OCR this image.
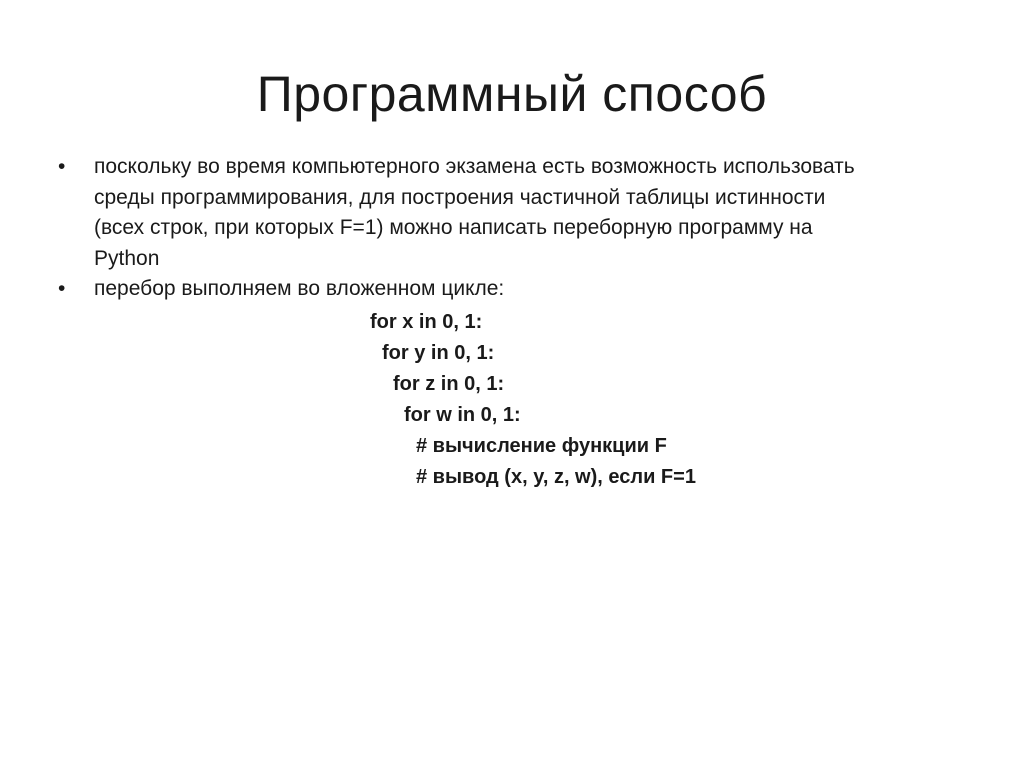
Программный способ
• поскольку во время компьютерного экзамена есть возможность использовать
среды программирования, для построения частичной таблицы истинности
(всех строк, при которых F=1) можно написать переборную программу на
Python
• перебор выполняем во вложенном цикле:
for x in 0, 1:
for y in 0, 1:
for z in 0, 1:
for w in 0, 1:
# вычисление функции F
# вывод (x, y, z, w), если F=1
